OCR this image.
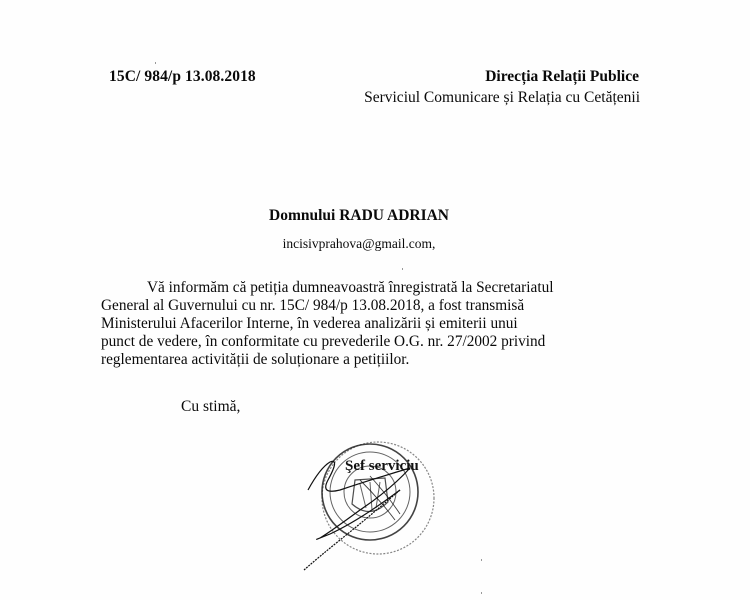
15C/ 984/p 13.08.2018	Direcția Relații Publice
Serviciul Comunicare și Relația cu Cetățenii
Domnului RADU ADRIAN
incisivprahova@gmail.com,
Vă informăm că petiția dumneavoastră înregistrată la Secretariatul
General al Guvernului cu nr. 15C/ 984/p 13.08.2018, a fost transmisă
Ministerului Afacerilor Interne, în vederea analizării și emiterii unui
punct de vedere, în conformitate cu prevederile O.G. nr. 27/2002 privind
reglementarea activității de soluționare a petițiilor.
Cu stimă,
Şef serviciu
